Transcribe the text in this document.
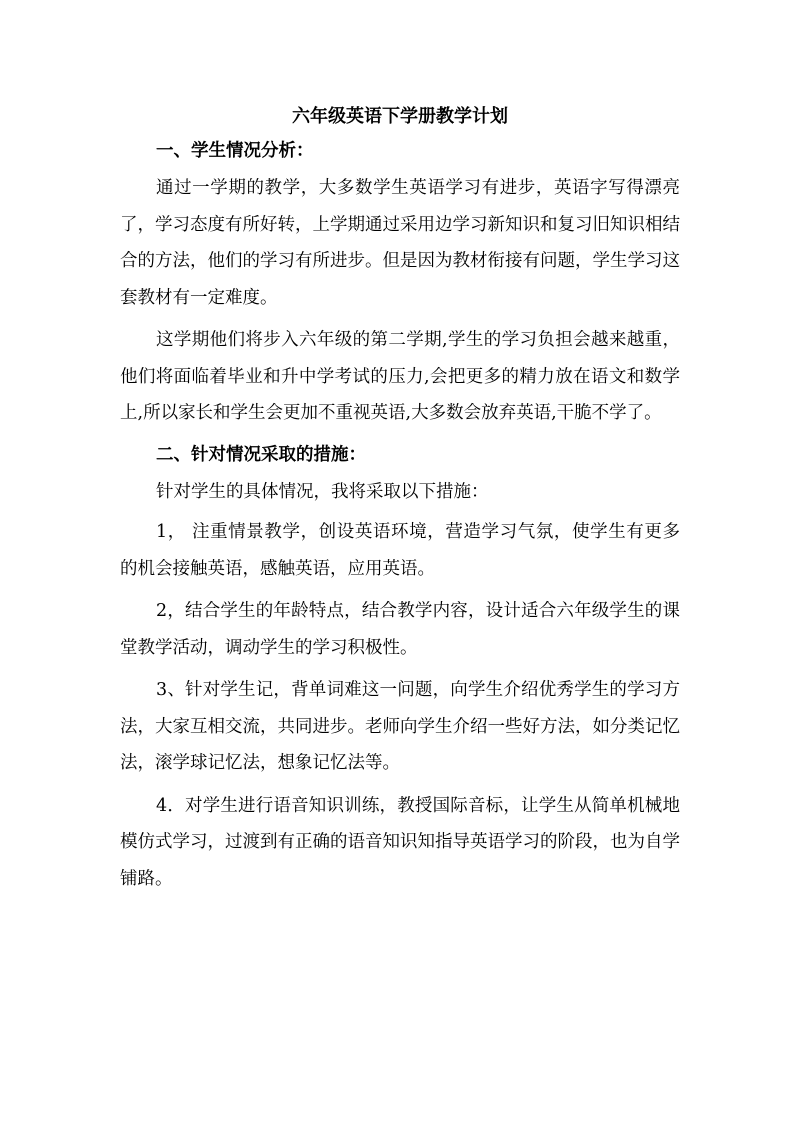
六年级英语下学册教学计划
一、学生情况分析：

通过一学期的教学，大多数学生英语学习有进步，英语字写得漂亮了，学习态度有所好转，上学期通过采用边学习新知识和复习旧知识相结合的方法，他们的学习有所进步。但是因为教材衔接有问题，学生学习这套教材有一定难度。

这学期他们将步入六年级的第二学期,学生的学习负担会越来越重，他们将面临着毕业和升中学考试的压力,会把更多的精力放在语文和数学上,所以家长和学生会更加不重视英语,大多数会放弃英语,干脆不学了。

二、针对情况采取的措施：

针对学生的具体情况，我将采取以下措施：

1， 注重情景教学，创设英语环境，营造学习气氛，使学生有更多的机会接触英语，感触英语，应用英语。

2，结合学生的年龄特点，结合教学内容，设计适合六年级学生的课堂教学活动，调动学生的学习积极性。

3、针对学生记，背单词难这一问题，向学生介绍优秀学生的学习方法，大家互相交流，共同进步。老师向学生介绍一些好方法，如分类记忆法，滚学球记忆法，想象记忆法等。

4．对学生进行语音知识训练，教授国际音标，让学生从简单机械地模仿式学习，过渡到有正确的语音知识知指导英语学习的阶段，也为自学铺路。
